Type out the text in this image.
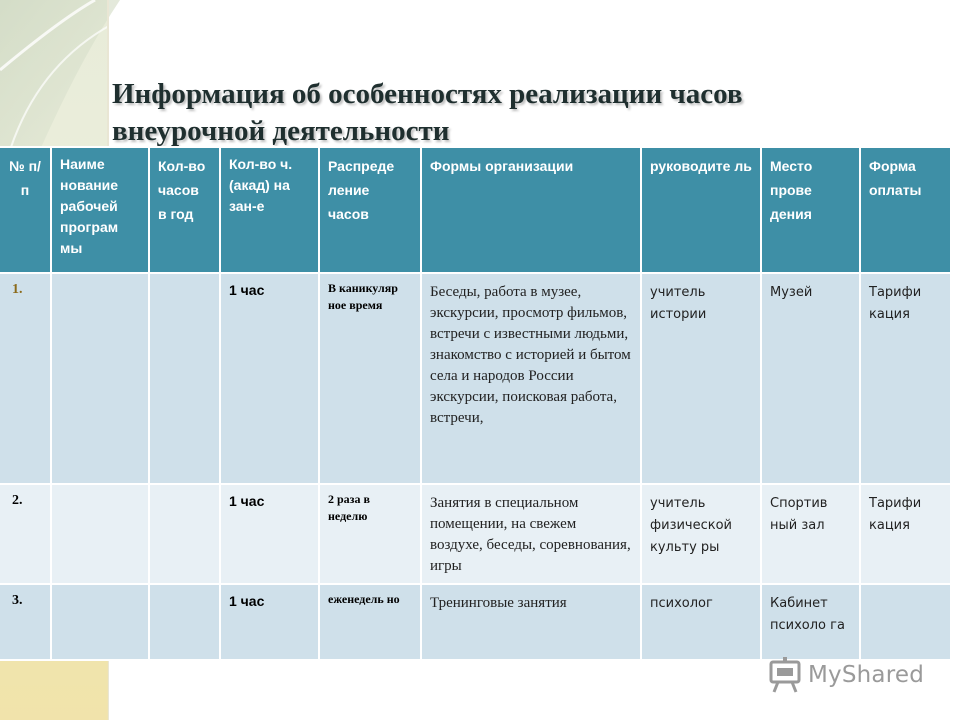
Информация об особенностях реализации часов внеурочной деятельности
№ п/п	Наиме нование рабочей програм мы	Кол-во часов в год	Кол-во ч.(акад) на зан-е	Распреде ление часов	Формы организации	руководите ль	Место прове дения	Форма оплаты
1.			1 час	В каникуляр ное время	Беседы, работа в музее, экскурсии, просмотр фильмов, встречи с известными людьми, знакомство с историей и бытом села и народов России экскурсии, поисковая работа, встречи,	учитель истории	Музей	Тарифи кация
2.			1 час	2 раза в неделю	Занятия в специальном помещении, на свежем воздухе, беседы, соревнования, игры	учитель физической культу ры	Спортив ный зал	Тарифи кация
3.			1 час	еженедель но	Тренинговые занятия	психолог	Кабинет психоло га	
MyShared
